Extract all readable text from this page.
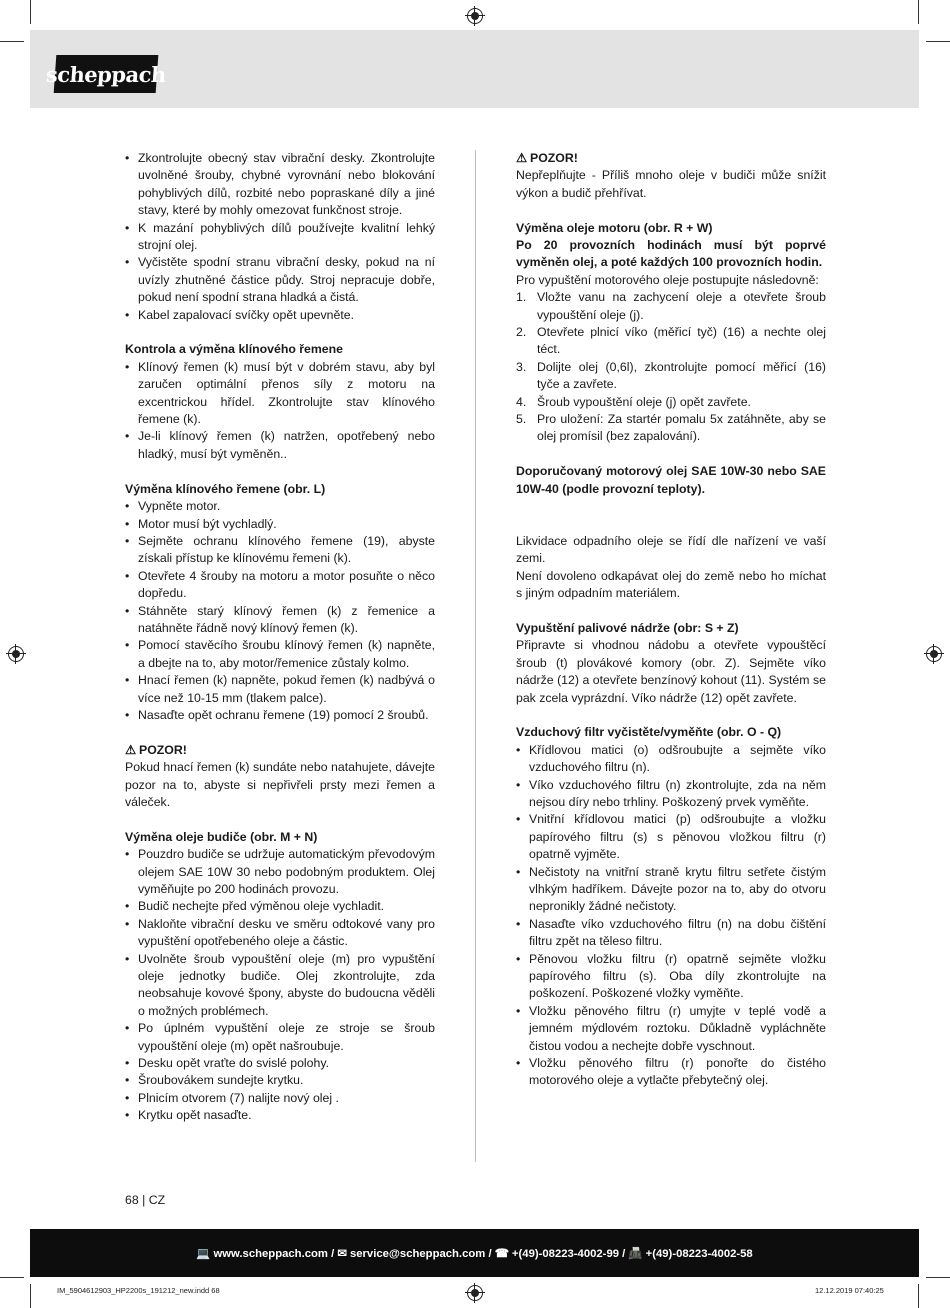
scheppach
• Zkontrolujte obecný stav vibrační desky. Zkontrolujte uvolněné šrouby, chybné vyrovnání nebo blokování pohyblivých dílů, rozbité nebo popraskané díly a jiné stavy, které by mohly omezovat funkčnost stroje.
• K mazání pohyblivých dílů používejte kvalitní lehký strojní olej.
• Vyčistěte spodní stranu vibrační desky, pokud na ní uvízly zhutněné částice půdy. Stroj nepracuje dobře, pokud není spodní strana hladká a čistá.
• Kabel zapalovací svíčky opět upevněte.
Kontrola a výměna klínového řemene
• Klínový řemen (k) musí být v dobrém stavu, aby byl zaručen optimální přenos síly z motoru na excentrickou hřídel. Zkontrolujte stav klínového řemene (k).
• Je-li klínový řemen (k) natržen, opotřebený nebo hladký, musí být vyměněn..
Výměna klínového řemene (obr. L)
• Vypněte motor.
• Motor musí být vychladlý.
• Sejměte ochranu klínového řemene (19), abyste získali přístup ke klínovému řemeni (k).
• Otevřete 4 šrouby na motoru a motor posuňte o něco dopředu.
• Stáhněte starý klínový řemen (k) z řemenice a natáhněte řádně nový klínový řemen (k).
• Pomocí stavěcího šroubu klínový řemen (k) napněte, a dbejte na to, aby motor/řemenice zůstaly kolmo.
• Hnací řemen (k) napněte, pokud řemen (k) nadbývá o více než 10-15 mm (tlakem palce).
• Nasaďte opět ochranu řemene (19) pomocí 2 šroubů.
⚠ POZOR!

Pokud hnací řemen (k) sundáte nebo natahujete, dávejte pozor na to, abyste si nepřivřeli prsty mezi řemen a váleček.

Výměna oleje budiče (obr. M + N)
• Pouzdro budiče se udržuje automatickým převodovým olejem SAE 10W 30 nebo podobným produktem. Olej vyměňujte po 200 hodinách provozu.
• Budič nechejte před výměnou oleje vychladit.
• Nakloňte vibrační desku ve směru odtokové vany pro vypuštění opotřebeného oleje a částic.
• Uvolněte šroub vypouštění oleje (m) pro vypuštění oleje jednotky budiče. Olej zkontrolujte, zda neobsahuje kovové špony, abyste do budoucna věděli o možných problémech.
• Po úplném vypuštění oleje ze stroje se šroub vypouštění oleje (m) opět našroubuje.
• Desku opět vraťte do svislé polohy.
• Šroubovákem sundejte krytku.
• Plnicím otvorem (7) nalijte nový olej .
• Krytku opět nasaďte.
⚠ POZOR!

Nepřeplňujte - Příliš mnoho oleje v budiči může snížit výkon a budič přehřívat.

Výměna oleje motoru (obr. R + W)

Po 20 provozních hodinách musí být poprvé vyměněn olej, a poté každých 100 provozních hodin.

Pro vypuštění motorového oleje postupujte následovně:

1. Vložte vanu na zachycení oleje a otevřete šroub vypouštění oleje (j).
2. Otevřete plnicí víko (měřicí tyč) (16) a nechte olej téct.
3. Dolijte olej (0,6l), zkontrolujte pomocí měřicí (16) tyče a zavřete.
4. Šroub vypouštění oleje (j) opět zavřete.
5. Pro uložení: Za startér pomalu 5x zatáhněte, aby se olej promísil (bez zapalování).

Doporučovaný motorový olej SAE 10W-30 nebo SAE 10W-40 (podle provozní teploty).

Likvidace odpadního oleje se řídí dle nařízení ve vaší zemi.

Není dovoleno odkapávat olej do země nebo ho míchat s jiným odpadním materiálem.

Vypuštění palivové nádrže (obr: S + Z)

Připravte si vhodnou nádobu a otevřete vypouštěcí šroub (t) plovákové komory (obr. Z). Sejměte víko nádrže (12) a otevřete benzínový kohout (11). Systém se pak zcela vyprázdní. Víko nádrže (12) opět zavřete.

Vzduchový filtr vyčistěte/vyměňte (obr. O - Q)
• Křídlovou matici (o) odšroubujte a sejměte víko vzduchového filtru (n).
• Víko vzduchového filtru (n) zkontrolujte, zda na něm nejsou díry nebo trhliny. Poškozený prvek vyměňte.
• Vnitřní křídlovou matici (p) odšroubujte a vložku papírového filtru (s) s pěnovou vložkou filtru (r) opatrně vyjměte.
• Nečistoty na vnitřní straně krytu filtru setřete čistým vlhkým hadříkem. Dávejte pozor na to, aby do otvoru nepronikly žádné nečistoty.
• Nasaďte víko vzduchového filtru (n) na dobu čištění filtru zpět na těleso filtru.
• Pěnovou vložku filtru (r) opatrně sejměte vložku papírového filtru (s). Oba díly zkontrolujte na poškození. Poškozené vložky vyměňte.
• Vložku pěnového filtru (r) umyjte v teplé vodě a jemném mýdlovém roztoku. Důkladně vypláchněte čistou vodou a nechejte dobře vyschnout.
• Vložku pěnového filtru (r) ponořte do čistého motorového oleje a vytlačte přebytečný olej.
68 | CZ
💻 www.scheppach.com / ✉ service@scheppach.com / ☎ +(49)-08223-4002-99 / 📠 +(49)-08223-4002-58
IM_5904612903_HP2200s_191212_new.indd 68	12.12.2019 07:40:25
